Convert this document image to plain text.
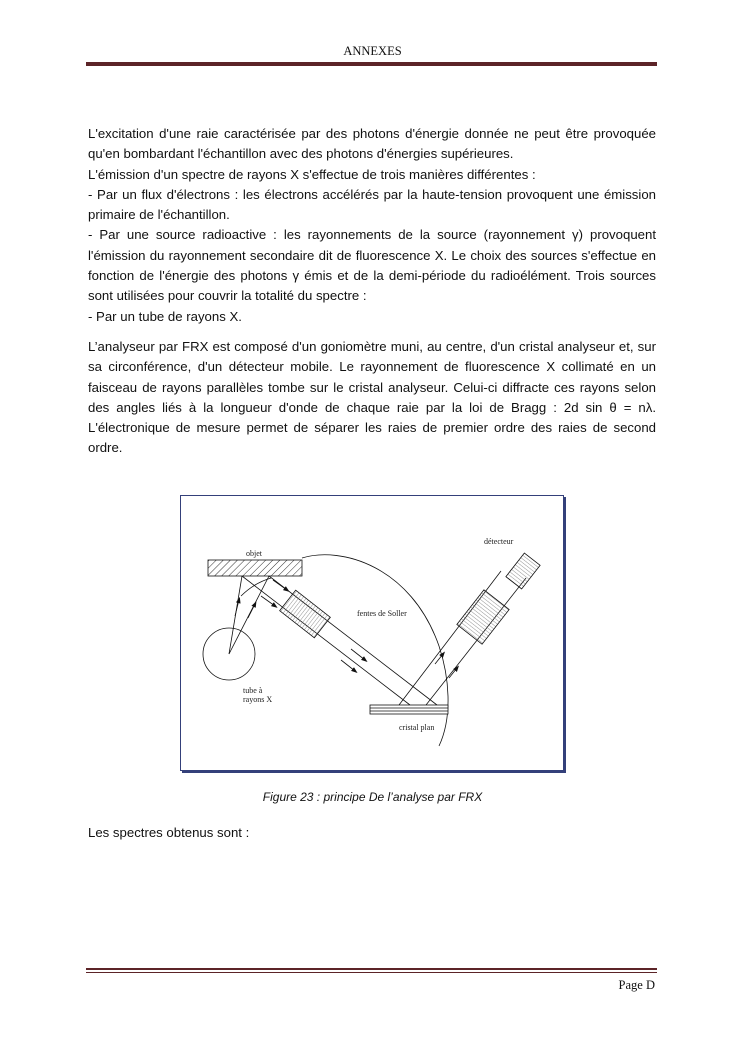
ANNEXES

L'excitation d'une raie caractérisée par des photons d'énergie donnée ne peut être provoquée qu'en bombardant l'échantillon avec des photons d'énergies supérieures.
L'émission d'un spectre de rayons X s'effectue de trois manières différentes :
- Par un flux d'électrons : les électrons accélérés par la haute-tension provoquent une émission primaire de l'échantillon.
- Par une source radioactive : les rayonnements de la source (rayonnement γ) provoquent l'émission du rayonnement secondaire dit de fluorescence X. Le choix des sources s'effectue en fonction de l'énergie des photons γ émis et de la demi-période du radioélément. Trois sources sont utilisées pour couvrir la totalité du spectre :
- Par un tube de rayons X.

L’analyseur par FRX est composé d'un goniomètre muni, au centre, d'un cristal analyseur et, sur sa circonférence, d'un détecteur mobile. Le rayonnement de fluorescence X collimaté en un faisceau de rayons parallèles tombe sur le cristal analyseur. Celui-ci diffracte ces rayons selon des angles liés à la longueur d'onde de chaque raie par la loi de Bragg : 2d sin θ = nλ. L'électronique de mesure permet de séparer les raies de premier ordre des raies de second ordre.

objet
détecteur
fentes de Soller
tube à
rayons X
cristal plan
Figure 23 : principe De l’analyse par FRX
Les spectres obtenus sont :
Page D
